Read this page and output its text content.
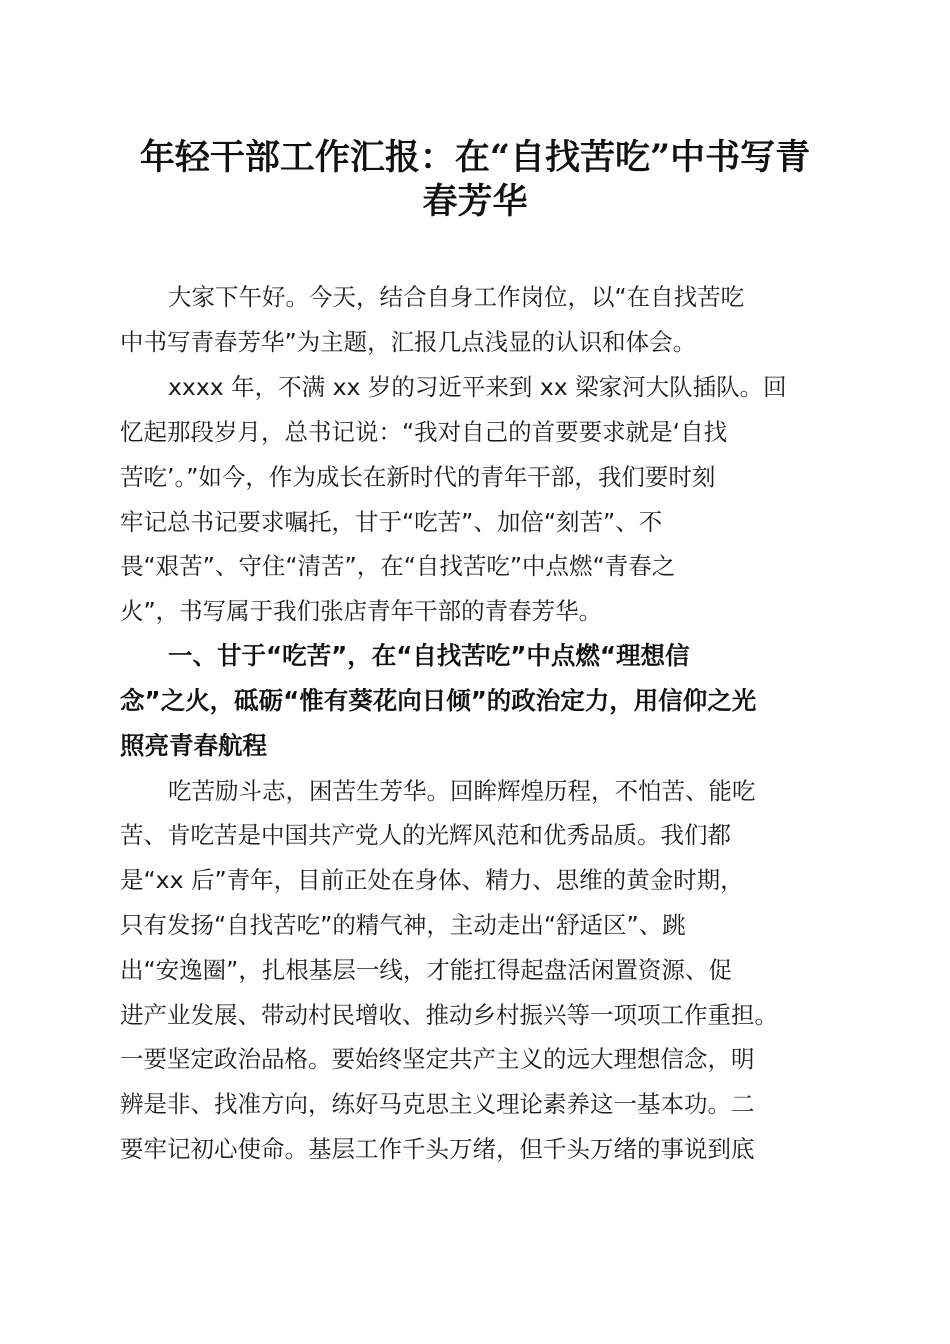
年轻干部工作汇报：在“自找苦吃”中书写青
春芳华
大家下午好。今天，结合自身工作岗位，以“在自找苦吃
中书写青春芳华”为主题，汇报几点浅显的认识和体会。
xxxx 年，不满 xx 岁的习近平来到 xx 梁家河大队插队。回
忆起那段岁月，总书记说：“我对自己的首要要求就是‘自找
苦吃’。”如今，作为成长在新时代的青年干部，我们要时刻
牢记总书记要求嘱托，甘于“吃苦”、加倍“刻苦”、不
畏“艰苦”、守住“清苦”，在“自找苦吃”中点燃“青春之
火”，书写属于我们张店青年干部的青春芳华。
一、甘于“吃苦”，在“自找苦吃”中点燃“理想信
念”之火，砥砺“惟有葵花向日倾”的政治定力，用信仰之光
照亮青春航程
吃苦励斗志，困苦生芳华。回眸辉煌历程，不怕苦、能吃
苦、肯吃苦是中国共产党人的光辉风范和优秀品质。我们都
是“xx 后”青年，目前正处在身体、精力、思维的黄金时期，
只有发扬“自找苦吃”的精气神，主动走出“舒适区”、跳
出“安逸圈”，扎根基层一线，才能扛得起盘活闲置资源、促
进产业发展、带动村民增收、推动乡村振兴等一项项工作重担。
一要坚定政治品格。要始终坚定共产主义的远大理想信念，明
辨是非、找准方向，练好马克思主义理论素养这一基本功。二
要牢记初心使命。基层工作千头万绪，但千头万绪的事说到底
